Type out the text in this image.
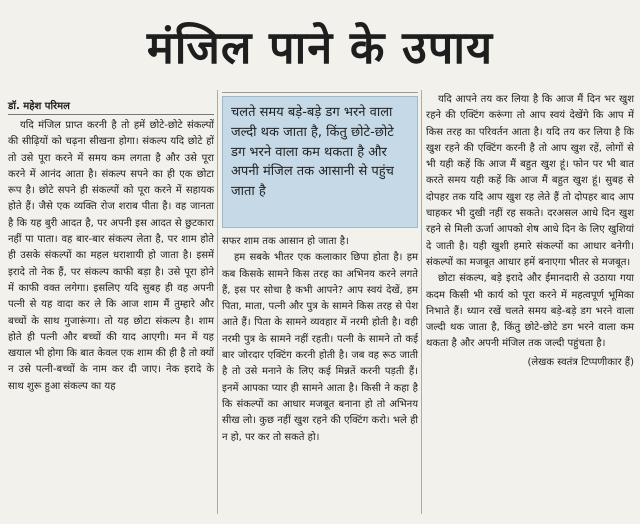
मंजिल पाने के उपाय
डॉ. महेश परिमल

यदि मंजिल प्राप्त करनी है तो हमें छोटे-छोटे संकल्पों की सीढ़ियों को चढ़ना सीखना होगा। संकल्प यदि छोटे हों तो उसे पूरा करने में समय कम लगता है और उसे पूरा करने में आनंद आता है। संकल्प सपने का ही एक छोटा रूप है। छोटे सपने ही संकल्पों को पूरा करने में सहायक होते हैं। जैसे एक व्यक्ति रोज शराब पीता है। वह जानता है कि यह बुरी आदत है, पर अपनी इस आदत से छुटकारा नहीं पा पाता। वह बार-बार संकल्प लेता है, पर शाम होते ही उसके संकल्पों का महल धराशायी हो जाता है। इसमें इरादे तो नेक हैं, पर संकल्प काफी बड़ा है। उसे पूरा होने में काफी वक्त लगेगा। इसलिए यदि सुबह ही वह अपनी पत्नी से यह वादा कर ले कि आज शाम मैं तुम्हारे और बच्चों के साथ गुजारूंगा। तो यह छोटा संकल्प है। शाम होते ही पत्नी और बच्चों की याद आएगी। मन में यह खयाल भी होगा कि बात केवल एक शाम की ही है तो क्यों न उसे पत्नी-बच्चों के नाम कर दी जाए। नेक इरादे के साथ शुरू हुआ संकल्प का यह

चलते समय बड़े-बड़े डग भरने वाला जल्दी थक जाता है, किंतु छोटे-छोटे डग भरने वाला कम थकता है और अपनी मंजिल तक आसानी से पहुंच जाता है

सफर शाम तक आसान हो जाता है।

हम सबके भीतर एक कलाकार छिपा होता है। हम कब किसके सामने किस तरह का अभिनय करने लगते हैं, इस पर सोचा है कभी आपने? आप स्वयं देखें, हम पिता, माता, पत्नी और पुत्र के सामने किस तरह से पेश आते हैं। पिता के सामने व्यवहार में नरमी होती है। वही नरमी पुत्र के सामने नहीं रहती। पत्नी के सामने तो कई बार जोरदार एक्टिंग करनी होती है। जब वह रूठ जाती है तो उसे मनाने के लिए कई मिन्नतें करनी पड़ती हैं। इनमें आपका प्यार ही सामने आता है। किसी ने कहा है कि संकल्पों का आधार मजबूत बनाना हो तो अभिनय सीख लो। कुछ नहीं खुश रहने की एक्टिंग करो। भले ही न हो, पर कर तो सकते हो।

यदि आपने तय कर लिया है कि आज मैं दिन भर खुश रहने की एक्टिंग करूंगा तो आप स्वयं देखेंगे कि आप में किस तरह का परिवर्तन आता है। यदि तय कर लिया है कि खुश रहने की एक्टिंग करनी है तो आप खुश रहें, लोगों से भी यही कहें कि आज मैं बहुत खुश हूं। फोन पर भी बात करते समय यही कहें कि आज मैं बहुत खुश हूं। सुबह से दोपहर तक यदि आप खुश रह लेते हैं तो दोपहर बाद आप चाहकर भी दुखी नहीं रह सकते। दरअसल आधे दिन खुश रहने से मिली ऊर्जा आपको शेष आधे दिन के लिए खुशियां दे जाती है। यही खुशी हमारे संकल्पों का आधार बनेगी। संकल्पों का मजबूत आधार हमें बनाएगा भीतर से मजबूत।

छोटा संकल्प, बड़े इरादे और ईमानदारी से उठाया गया कदम किसी भी कार्य को पूरा करने में महत्वपूर्ण भूमिका निभाते हैं। ध्यान रखें चलते समय बड़े-बड़े डग भरने वाला जल्दी थक जाता है, किंतु छोटे-छोटे डग भरने वाला कम थकता है और अपनी मंजिल तक जल्दी पहुंचता है।

(लेखक स्वतंत्र टिप्पणीकार हैं)
